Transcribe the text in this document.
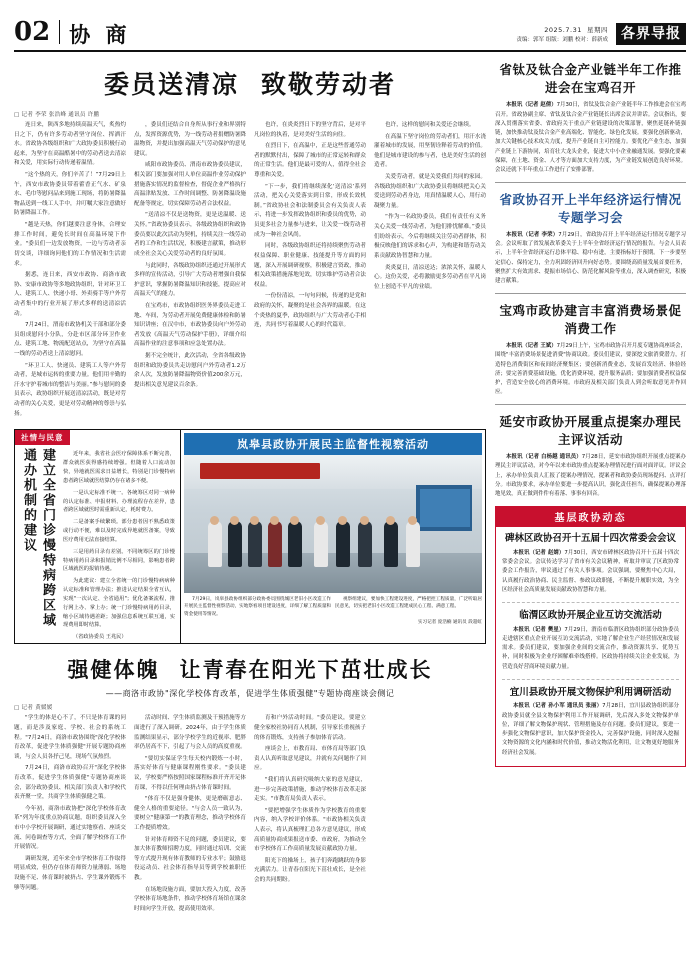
02 协 商	2025.7.31 星期四
责编：郭军 组版：刘鹏 校对：薛新成 各界导报
委员送清凉 致敬劳动者
□ 记者 李荣 张浩峰 通讯员 许鹏

连日来，陕西多地持续高温天气，炙热灼日之下，仍有许多劳动者坚守岗位、挥洒汗水。省政协各级组织和广大政协委员积极行动起来，为坚守在高温酷暑中的劳动者送去清凉和关爱，用实际行动传递着温情。

“这个热的天，你们辛苦了！”7月29日上午，西安市政协委员带着藿香正气水、矿泉水、毛巾等慰问品来到施工现场，将防暑降温物品送到一线工人手中，并叮嘱大家注意做好防暑降温工作。

"越是天热，你们越要注意身体，合理安排工作时间，避免长时间在高温环境下作业。"委员们一边发放物资，一边与劳动者亲切交谈，详细询问他们的工作情况和生活需求。

据悉，连日来，西安市政协、商洛市政协、安康市政协等多地政协组织，针对环卫工人、建筑工人、快递小哥、外卖骑手等户外劳动者集中的行业开展了形式多样的送清凉活动。

7月24日，渭南市政协机关干部和部分委员组成慰问小分队，分赴市区部分环卫作业点、建筑工地、物流配送站点，为坚守在高温一线的劳动者送上清凉慰问。

“环卫工人、快递员、建筑工人等户外劳动者，是城市运转的重要力量。他们用辛勤的汗水守护着城市的整洁与美丽。”参与慰问的委员表示，政协组织开展送清凉活动，既是对劳动者的关心关爱，更是对劳动精神的尊崇与弘扬。

，委员们还结合自身所从事行业和界别特点，发挥资源优势，为一线劳动者捐赠防暑降温物资，并提出加强高温天气劳动保护的意见建议。

咸阳市政协委员、渭南市政协委员建议，相关部门要加强对用人单位高温作业劳动保护措施落实情况的监督检查，督促企业严格执行高温津贴发放、工作时间调整、防暑降温设施配备等规定，切实保障劳动者合法权益。

“送清凉不仅是送物资，更是送温暖、送关怀。”省政协委员表示，各级政协组织和政协委员要以此次活动为契机，持续关注一线劳动者的工作和生活状况，积极建言献策，推动形成全社会关心关爱劳动者的良好氛围。

与此同时，各级政协组织还通过开展形式多样的宣传活动，引导广大劳动者增强自我保护意识，掌握防暑降温知识和技能，提高应对高温天气的能力。

在宝鸡市，市政协组织医务界委员走进工地、车间，为劳动者开展免费健康体检和防暑知识讲座；在汉中市，市政协委员向户外劳动者发放《高温天气劳动保护手册》，详细介绍高温作业的注意事项和应急处置办法。

据不完全统计，此次活动，全省各级政协组织和政协委员共走访慰问户外劳动者1.2万余人次，发放防暑降温物资价值200余万元，提出相关意见建议百余条。

也许，在炎炎烈日下的坚守背后，是对平凡岗位的执着，是对美好生活的向往。

在烈日下，在高温中，正是这些普通劳动者的默默付出，保障了城市的正常运转和群众的正常生活。他们是最可爱的人，值得全社会尊重和关爱。

“下一步，我们将继续深化‘送清凉’系列活动，把关心关爱落实到日常，形成长效机制。”省政协社会和法制委员会有关负责人表示，将进一步发挥政协组织和委员的优势，动员更多社会力量参与进来，让关爱一线劳动者成为一种社会风尚。

同时，各级政协组织还将持续聚焦劳动者权益保障、职业健康、技能提升等方面的问题，深入开展调研视察，积极建言资政，推动相关政策措施落地见效，切实维护劳动者合法权益。

一份份清凉，一句句问候，传递的是党和政府的关怀，凝聚的是社会各界的温暖。在这个炎热的夏季，政协组织与广大劳动者心手相连，共同书写着温暖人心的时代篇章。

也许，这样的慰问和关爱还会继续。

在高温下坚守岗位的劳动者们，用汗水浇灌着城市的发展，用坚韧诠释着劳动的价值。他们是城市建设的参与者，也是美好生活的创造者。

关爱劳动者，就是关爱我们共同的家园。各级政协组织和广大政协委员将继续把关心关爱送到劳动者身边，用真情温暖人心，用行动凝聚力量。

“作为一名政协委员，我们有责任有义务关心关爱一线劳动者，为他们排忧解难。”委员们纷纷表示，今后将继续关注劳动者群体，积极反映他们的诉求和心声，为构建和谐劳动关系贡献政协智慧和力量。

炎炎夏日，清凉送达；浓浓关怀，温暖人心。这份关爱，必将激励更多劳动者在平凡岗位上创造不平凡的业绩。

社情与民意
建立全省门诊慢特病跨区域通办机制的建议	近年来，我省社会医疗保障体系不断完善，群众就医获得感持续增强。但随着人口流动加快，异地就医需求日益增长，特别是门诊慢特病患者跨区域就医结算仍存在诸多不便。

一是认定标准不统一。各统筹区对同一病种的认定标准、申报材料、办理流程存在差异，患者跨区域就医时需重新认定，耗时费力。

二是备案手续繁琐。部分患者因不熟悉政策或行动不便，难以及时完成异地就医备案，导致医疗费用无法直接结算。

三是用药目录有差别。不同统筹区的门诊慢特病用药目录和报销比例不尽相同，影响患者跨区域就医的报销待遇。

为此建议：建立全省统一的门诊慢特病病种认定标准和管理办法；推进认定结果全省互认，实现"一次认定、全省通用"；优化备案流程，推行网上办、掌上办；统一门诊慢特病用药目录，缩小区域待遇差距；加强信息系统互联互通，实现费用即时结算。

（省政协委员 王兆民）

岚皋县政协开展民主监督性视察活动

7月29日，岚皋县政协组织部分政协委员围绕城区老旧小区改造工作开展民主监督性视察活动，实地察看项目建设进度，详细了解工程质量和资金使用等情况。

视察组建议，要加快工程建设进度，严格把控工程质量，广泛听取居民意见，切实把老旧小区改造工程建成民心工程、满意工程。

实习记者 庞浩楠 通讯员 段超虹
强健体魄 让青春在阳光下茁壮成长
——商洛市政协"深化学校体育改革，促进学生体质强健"专题协商座谈会侧记
□ 记者 黄媛媛

"学生的体是心不了，不只是体育课的问题，而是涉及家庭、学校、社会的系统工程。"7月24日，商洛市政协围绕"深化学校体育改革，促进学生体质强健"开展专题协商座谈，与会人员各抒己见，现场气氛热烈。

7月24日，商洛市政协召开"深化学校体育改革，促进学生体质强健"专题协商座谈会，部分政协委员、相关部门负责人和学校代表齐聚一堂，共商学生体质强健之策。

今年初，商洛市政协把"深化学校体育改革"列为年度重点协商议题，组织委员深入全市中小学校开展调研，通过实地察看、座谈交流、问卷调查等方式，全面了解学校体育工作开展情况。

调研发现，近年来全市学校体育工作取得明显成效，但仍存在体育师资力量薄弱、场地设施不足、体育课时被挤占、学生课外锻炼不够等问题。

活动时间、学生体质监测及干预措施等方面进行了深入调研。2024年，由于学生体质监测结果显示，部分学校学生的近视率、肥胖率仍居高不下，引起了与会人员的高度重视。

"要切实保证学生每天校内锻炼一小时，落实好体育与健康课程刚性要求。"委员建议，学校要严格按照国家课程标准开齐开足体育课，不得以任何理由挤占体育课时间。

"体育不仅是强身健体，更是磨砺意志、健全人格的重要途径。"与会人员一致认为，要树立"健康第一"的教育理念，推动学校体育工作提质增效。

针对体育师资不足的问题，委员建议，要加大体育教师招聘力度，同时通过培训、交流等方式提升现有体育教师的专业水平；鼓励退役运动员、社会体育指导员等到学校兼职任教。

在场地设施方面，要加大投入力度，改善学校体育场地条件，推动学校体育场馆在课余时间向学生开放，提高使用效率。

育和户外活动时间。"委员建议，要建立健全家校社协同育人机制，引导家长重视孩子的体育锻炼，支持孩子参加体育活动。

座谈会上，市教育局、市体育局等部门负责人认真听取意见建议，并就有关问题作了回应。

"我们将认真研究吸纳大家的意见建议，进一步完善政策措施，推动学校体育改革走深走实。"市教育局负责人表示。

"要把增强学生体质作为学校教育的重要内容，纳入学校评价体系。"市政协相关负责人表示，将认真梳理汇总各方意见建议，形成高质量协商成果报送市委、市政府，为推动全市学校体育工作高质量发展贡献政协力量。

阳光下的操场上，孩子们奔跑跳跃的身影充满活力。让青春在阳光下茁壮成长，是全社会的共同期盼。

省钛及钛合金产业链半年工作推进会在宝鸡召开

本报讯（记者 赵倩）7月30日，省钛及钛合金产业链半年工作推进会在宝鸡召开。省政协副主席、省钛及钛合金产业链链长出席会议并讲话。会议指出，要深入贯彻落实省委、省政府关于重点产业链建设的决策部署，聚焦延链补链强链，加快推动钛及钛合金产业高端化、智能化、绿色化发展。要强化创新驱动，加大关键核心技术攻关力度，提升产业链自主可控能力。要优化产业生态，加强产业链上下游协同，培育壮大龙头企业，促进大中小企业融通发展。要强化要素保障，在土地、资金、人才等方面加大支持力度，为产业链发展创造良好环境。会议还就下半年重点工作进行了安排部署。

省政协召开上半年经济运行情况专题学习会

本报讯（记者 李荣）7月29日，省政协召开上半年经济运行情况专题学习会。会议听取了省发展改革委关于上半年全省经济运行情况的报告。与会人员表示，上半年全省经济运行总体平稳、稳中有进，主要指标好于预期。下一步要坚定信心、保持定力，全力巩固经济回升向好态势。要围绕高质量发展首要任务，聚焦扩大有效需求、提振市场信心、防范化解风险等重点，深入调查研究，积极建言献策。

宝鸡市政协建言丰富消费场景促消费工作

本报讯（记者 王斌）7月29日上午，宝鸡市政协召开月度专题协商座谈会，围绕"丰富消费场景促进消费"协商议政。委员们建议，要深挖文旅消费潜力，打造特色消费街区和夜间经济聚集区；要创新消费业态，发展首发经济、体验经济；要完善消费基础设施，优化消费环境，提升服务品质；要加强消费者权益保护，营造安全放心的消费环境。市政府及相关部门负责人到会听取意见并作回应。

延安市政协开展重点提案办理民主评议活动

本报讯（记者 白杨越 通讯员）7月28日，延安市政协组织开展重点提案办理民主评议活动，对今年以来市政协重点提案办理情况进行面对面评议。评议会上，承办单位负责人汇报了提案办理情况，提案者和政协委员现场提问、点评打分。市政协要求，承办单位要进一步提高认识，强化责任担当，确保提案办理落地见效，真正做到件件有着落、事事有回音。

基层政协动态
碑林区政协召开十五届十四次常委会会议

本报讯（记者 赵婧）7月30日，西安市碑林区政协召开十五届十四次常委会会议。会议传达学习了省市有关会议精神，听取并审议了区政协常委会工作报告，审议通过了有关人事事项。会议强调，要聚焦中心大局，认真履行政治协商、民主监督、参政议政职能，不断提升履职实效，为全区经济社会高质量发展贡献政协智慧和力量。

临渭区政协开展企业互访交流活动

本报讯（记者 樊星）7月29日，渭南市临渭区政协组织部分政协委员走进辖区重点企业开展互访交流活动，实地了解企业生产经营情况和发展需求。委员们建议，要加强企业间的交流合作，推动资源共享、优势互补，同时积极为企业纾困解难牵线搭桥。区政协将持续关注企业发展，为营造良好营商环境贡献力量。

宜川县政协开展文物保护利用调研活动

本报讯（记者 孙小军 通讯员 张丽）7月28日，宜川县政协组织部分政协委员就全县文物保护利用工作开展调研，先后深入多处文物保护单位，详细了解文物保护现状、管理措施及存在问题。委员们建议，要进一步强化文物保护意识，加大保护资金投入，完善保护设施，同时深入挖掘文物资源的文化内涵和时代价值，推动文物活化利用，让文物更好地服务经济社会发展。
